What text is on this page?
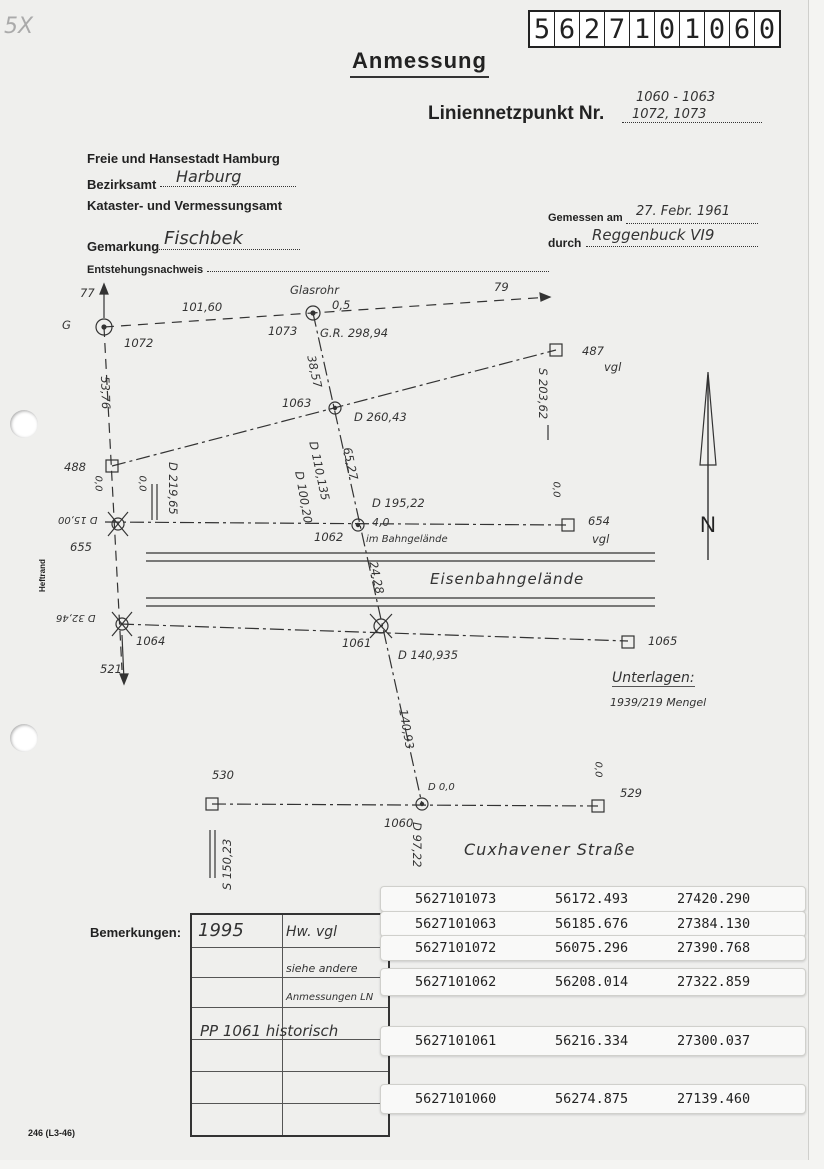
5X	5 6 2 7 1 0 1 0 6 0
Anmessung
Liniennetzpunkt Nr.
1060 - 1063
1072, 1073
Freie und Hansestadt Hamburg
Bezirksamt Harburg
Kataster- und Vermessungsamt
Gemarkung Fischbek
Entstehungsnachweis
Gemessen am 27. Febr. 1961
durch Reggenbuck VI9
Heftrand
G
1072
1073
1063
1062
1061
1060
1064
655
488
487
654
1065
530
529
Glasrohr
0,5
vgl
vgl
im Bahngelände
4,0
Eisenbahngelände
Cuxhavener Straße
Unterlagen:
1939/219 Mengel
N
77	79
521
101,60
G.R. 298,94
38,57
53,76	S 203,62
D 260,43
65,27
D 110,135
D 100,20
D 219,65	D 195,22
D 15,00
0,0	0,0	0,0
D 0,0
0,0
24,28
D 32,46
D 140,935
140,93
S 150,23	D 97,22
Bemerkungen: 1995	Hw. vgl
siehe andere
Anmessungen LN
PP 1061 historisch
5627101073	56172.493	27420.290
5627101063	56185.676	27384.130
5627101072	56075.296	27390.768
5627101062	56208.014	27322.859
5627101061	56216.334	27300.037
5627101060	56274.875	27139.460
246 (L3-46)
